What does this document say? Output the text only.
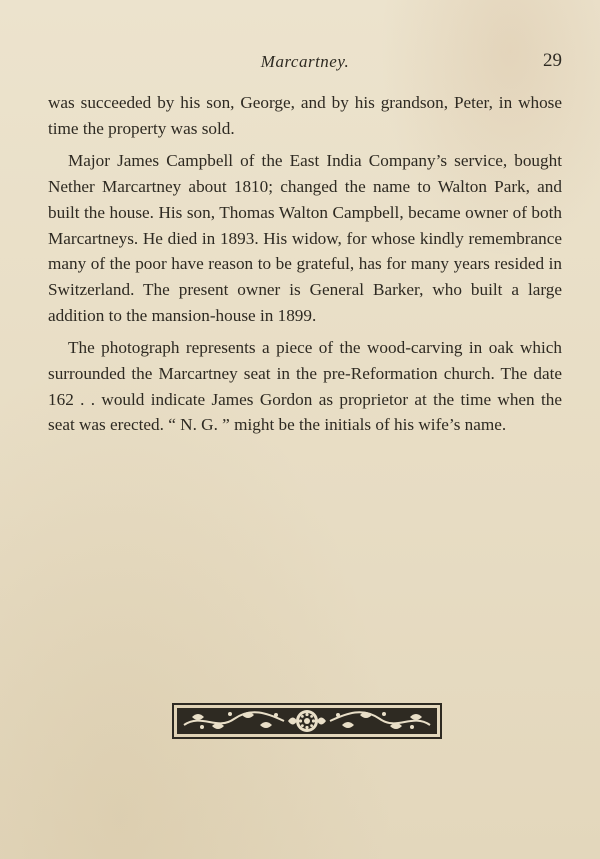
Marcartney.	29

was succeeded by his son, George, and by his grandson, Peter, in whose time the property was sold.

Major James Campbell of the East India Company’s service, bought Nether Marcartney about 1810; changed the name to Walton Park, and built the house. His son, Thomas Walton Campbell, became owner of both Marcartneys. He died in 1893. His widow, for whose kindly remembrance many of the poor have reason to be grateful, has for many years resided in Switzerland. The present owner is General Barker, who built a large addition to the mansion-house in 1899.

The photograph represents a piece of the wood-carving in oak which surrounded the Marcartney seat in the pre-Reformation church. The date 162 . . would indicate James Gordon as proprietor at the time when the seat was erected. “ N. G. ” might be the initials of his wife’s name.
